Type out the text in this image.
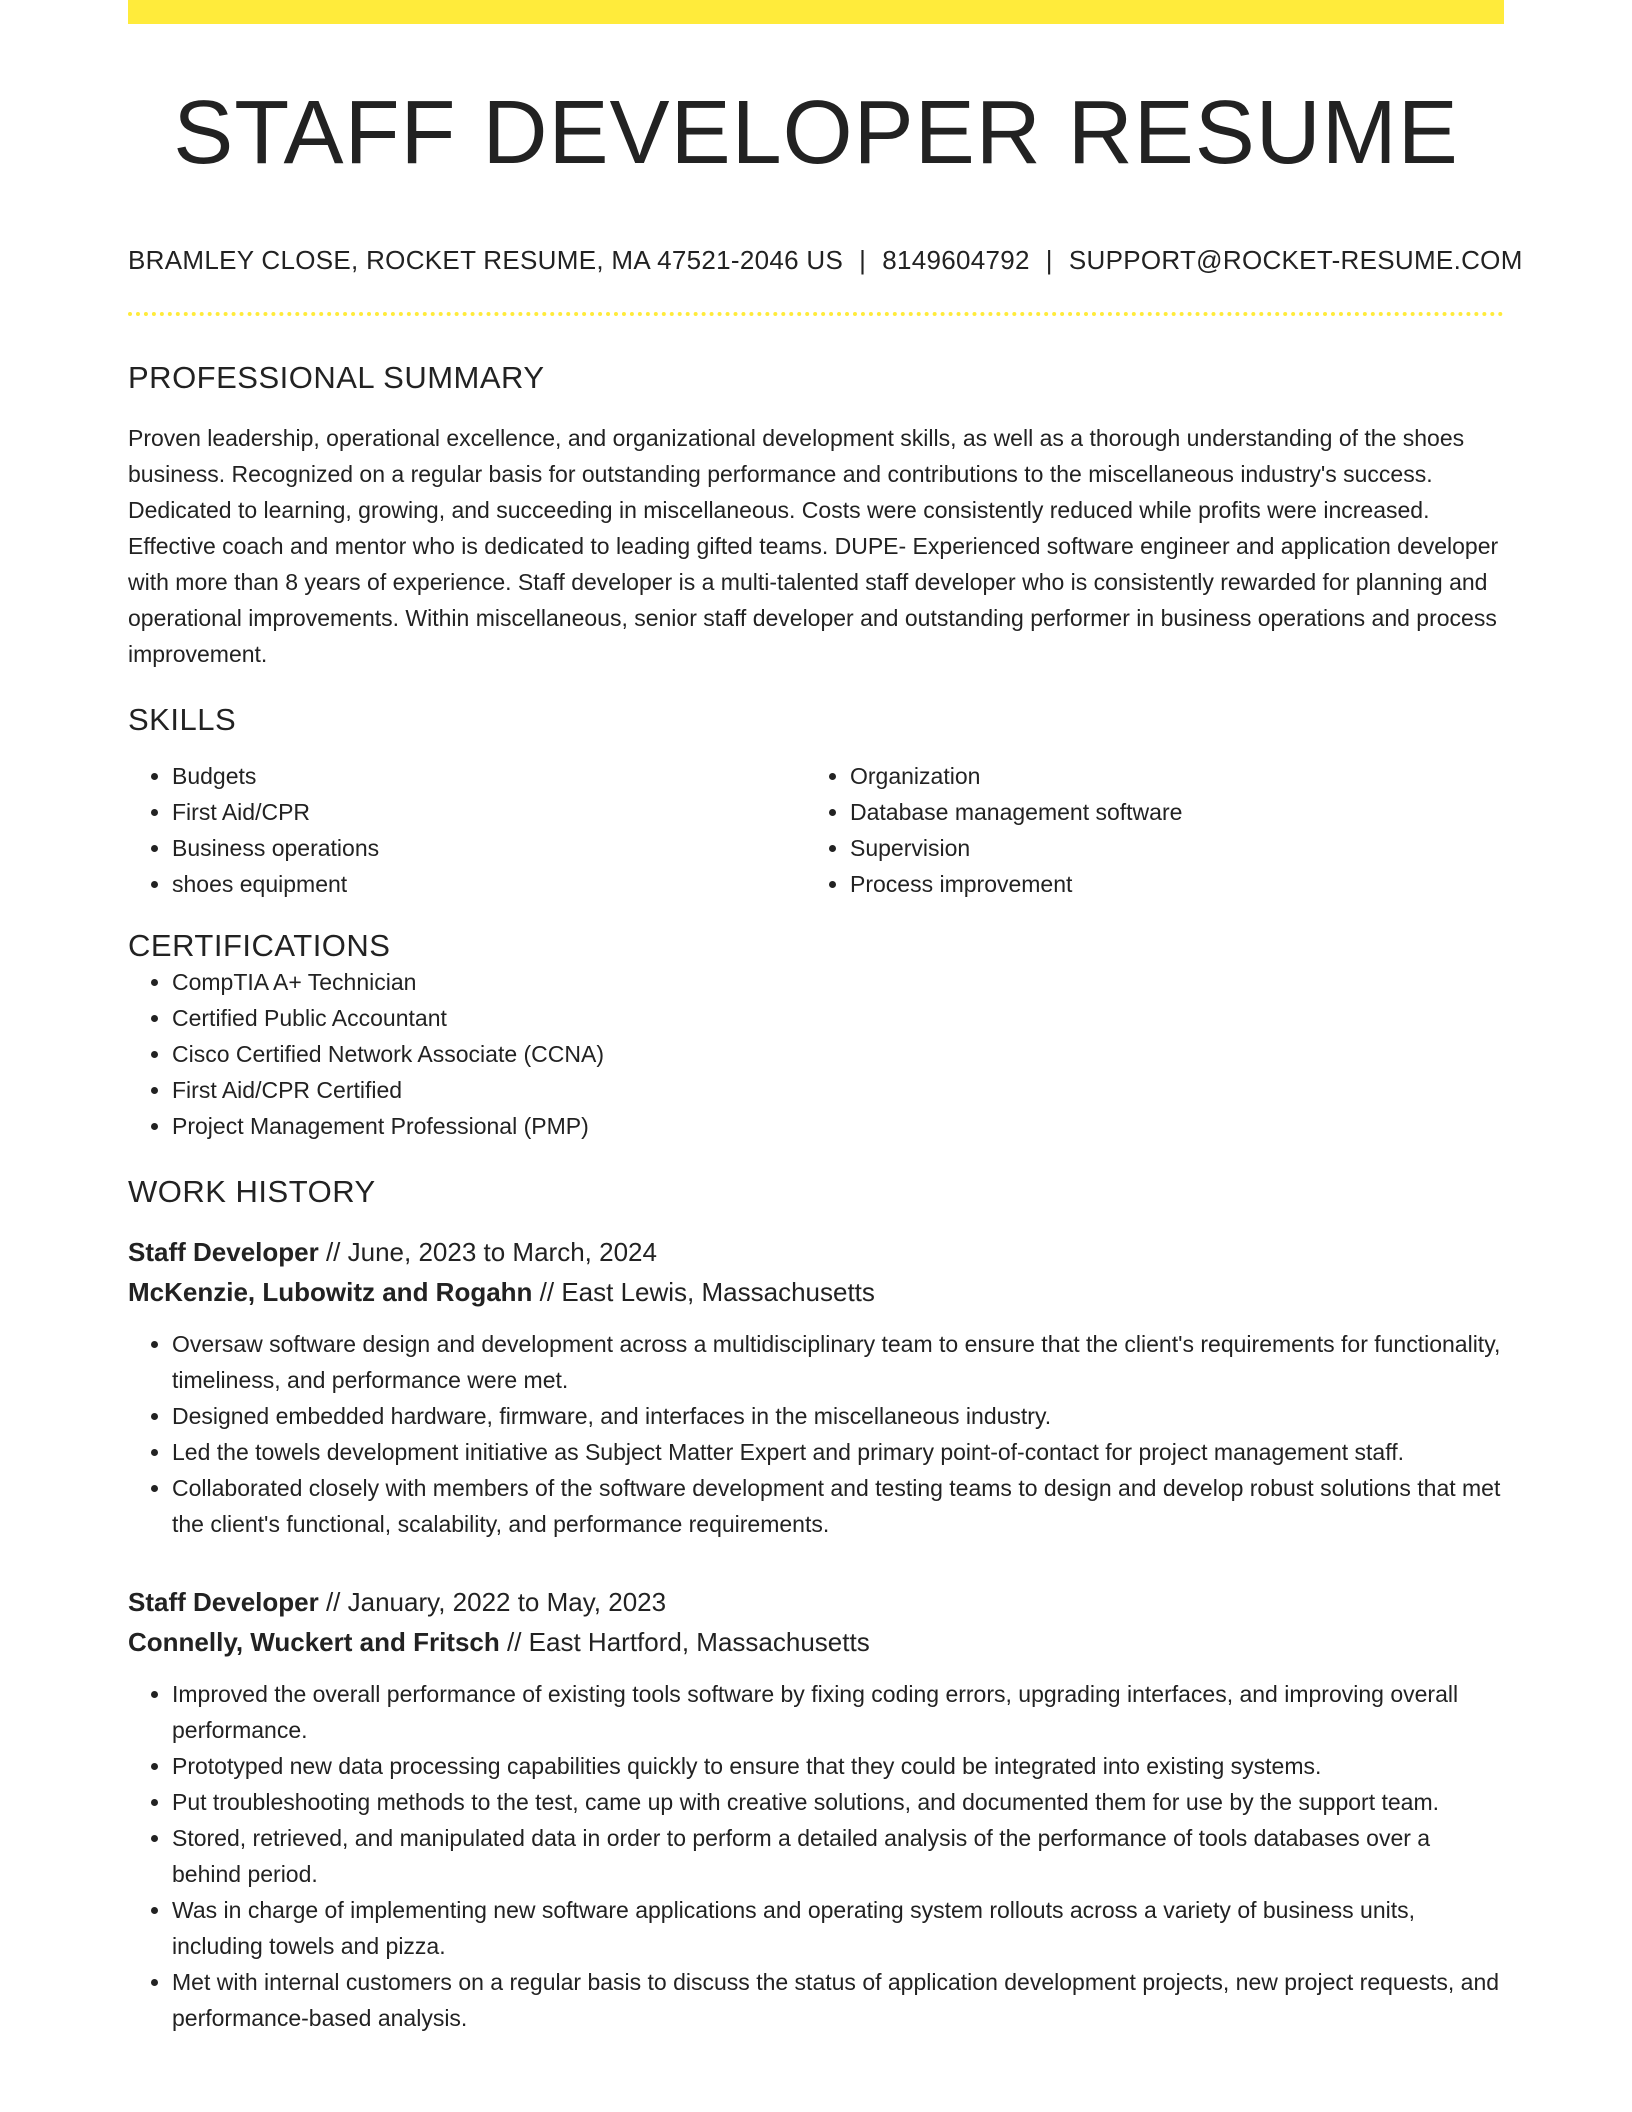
STAFF DEVELOPER RESUME
BRAMLEY CLOSE, ROCKET RESUME, MA 47521-2046 US | 8149604792 | SUPPORT@ROCKET-RESUME.COM
PROFESSIONAL SUMMARY
Proven leadership, operational excellence, and organizational development skills, as well as a thorough understanding of the shoes business. Recognized on a regular basis for outstanding performance and contributions to the miscellaneous industry's success. Dedicated to learning, growing, and succeeding in miscellaneous. Costs were consistently reduced while profits were increased. Effective coach and mentor who is dedicated to leading gifted teams. DUPE- Experienced software engineer and application developer with more than 8 years of experience. Staff developer is a multi-talented staff developer who is consistently rewarded for planning and operational improvements. Within miscellaneous, senior staff developer and outstanding performer in business operations and process improvement.
SKILLS
• Budgets
• First Aid/CPR
• Business operations
• shoes equipment
• Organization
• Database management software
• Supervision
• Process improvement
CERTIFICATIONS
• CompTIA A+ Technician
• Certified Public Accountant
• Cisco Certified Network Associate (CCNA)
• First Aid/CPR Certified
• Project Management Professional (PMP)
WORK HISTORY
Staff Developer // June, 2023 to March, 2024
McKenzie, Lubowitz and Rogahn // East Lewis, Massachusetts
• Oversaw software design and development across a multidisciplinary team to ensure that the client's requirements for functionality, timeliness, and performance were met.
• Designed embedded hardware, firmware, and interfaces in the miscellaneous industry.
• Led the towels development initiative as Subject Matter Expert and primary point-of-contact for project management staff.
• Collaborated closely with members of the software development and testing teams to design and develop robust solutions that met the client's functional, scalability, and performance requirements.
Staff Developer // January, 2022 to May, 2023
Connelly, Wuckert and Fritsch // East Hartford, Massachusetts
• Improved the overall performance of existing tools software by fixing coding errors, upgrading interfaces, and improving overall performance.
• Prototyped new data processing capabilities quickly to ensure that they could be integrated into existing systems.
• Put troubleshooting methods to the test, came up with creative solutions, and documented them for use by the support team.
• Stored, retrieved, and manipulated data in order to perform a detailed analysis of the performance of tools databases over a behind period.
• Was in charge of implementing new software applications and operating system rollouts across a variety of business units, including towels and pizza.
• Met with internal customers on a regular basis to discuss the status of application development projects, new project requests, and performance-based analysis.
